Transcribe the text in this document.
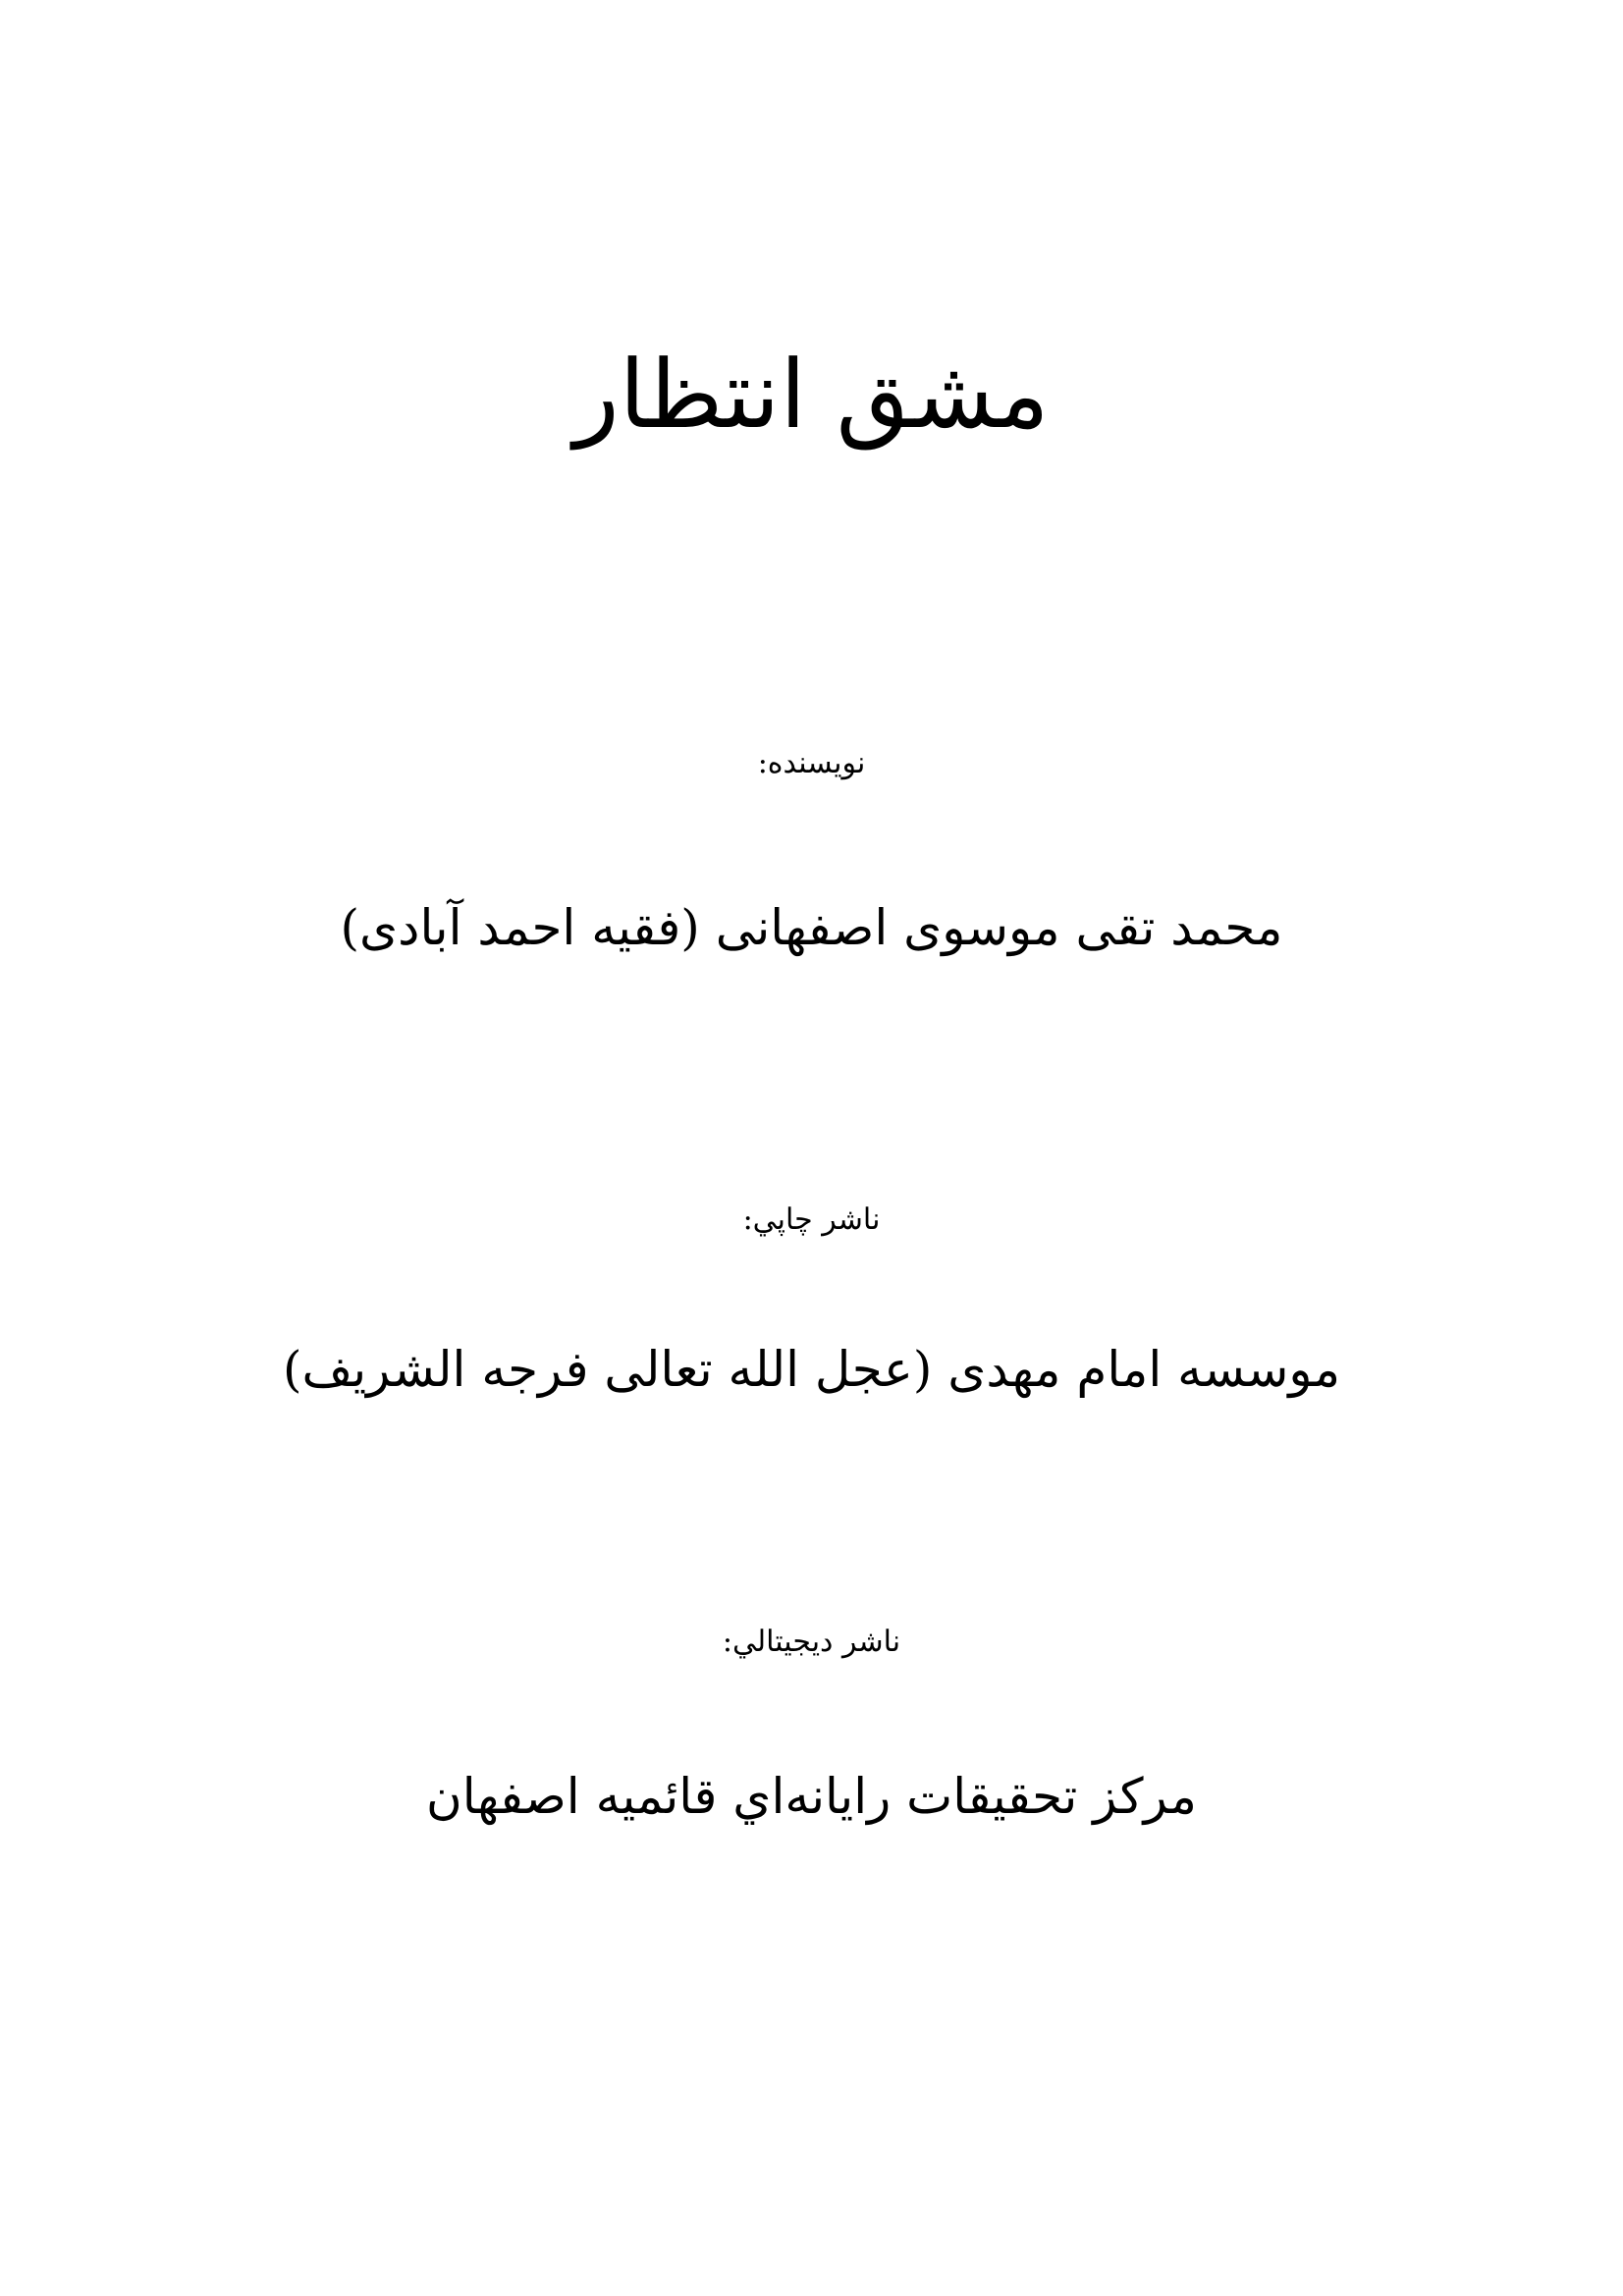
مشق انتظار
نویسنده:
محمد تقی موسوی اصفهانی (فقیه احمد آبادی)
ناشر چاپي:
موسسه امام مهدی (عجل الله تعالی فرجه الشریف)
ناشر ديجيتالي:
مرکز تحقيقات رايانه‌اي قائميه اصفهان
